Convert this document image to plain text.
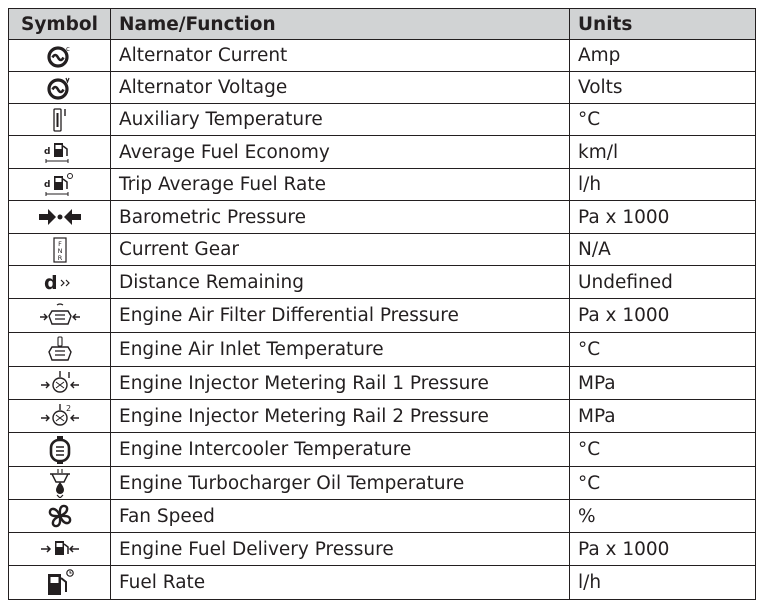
Symbol	Name/Function	Units

c	Alternator Current	Amp

	Alternator Voltage	Volts

	Auxiliary Temperature	°C

d	Average Fuel Economy	km/l

d	Trip Average Fuel Rate	l/h

	Barometric Pressure	Pa x 1000

F
N
R	Current Gear	N/A

d	Distance Remaining	Undefined

	Engine Air Filter Differential Pressure	Pa x 1000

	Engine Air Inlet Temperature	°C

	Engine Injector Metering Rail 1 Pressure	MPa

2	Engine Injector Metering Rail 2 Pressure	MPa

	Engine Intercooler Temperature	°C

	Engine Turbocharger Oil Temperature	°C

	Fan Speed	%

	Engine Fuel Delivery Pressure	Pa x 1000

	Fuel Rate	l/h
